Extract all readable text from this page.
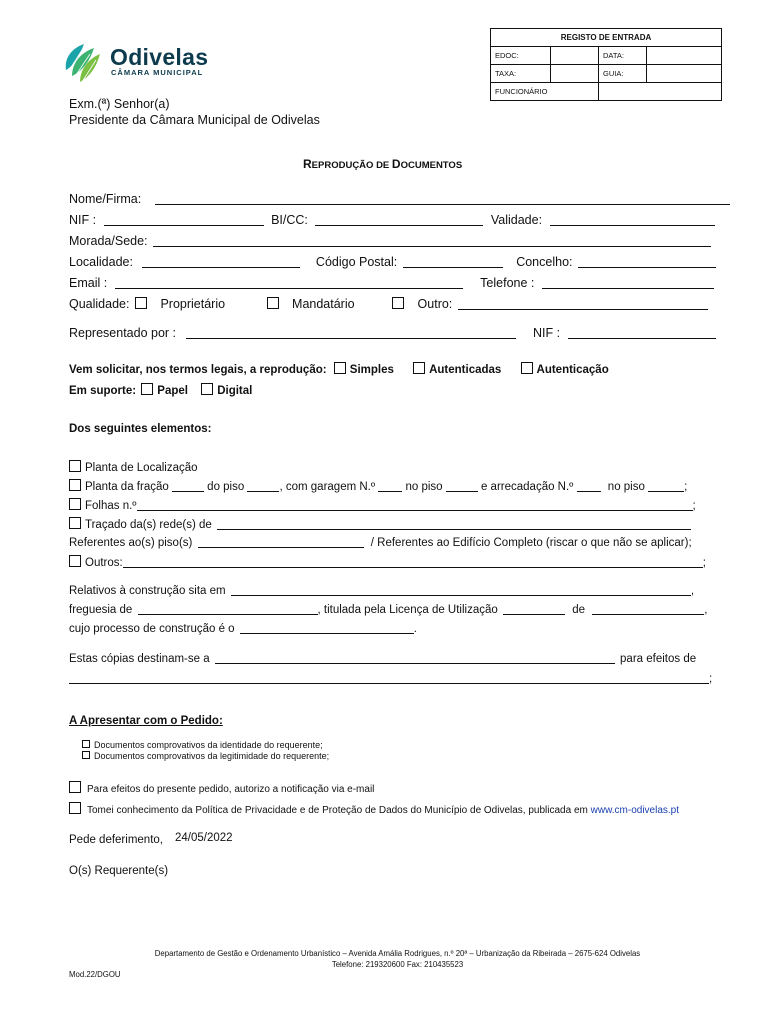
Odivelas
CÂMARA MUNICIPAL
REGISTO DE ENTRADA			
EDOC:		DATA:	
TAXA:		GUIA:	
FUNCIONÁRIO			
Exm.(ª) Senhor(a)
Presidente da Câmara Municipal de Odivelas
REPRODUÇÃO DE DOCUMENTOS
Nome/Firma:
NIF :	BI/CC:	Validade:
Morada/Sede:
Localidade:	Código Postal:	Concelho:
Email :	Telefone :
Qualidade: Proprietário	Mandatário	Outro:
Representado por :	NIF :
Vem solicitar, nos termos legais, a reprodução: Simples	Autenticadas	Autenticação
Em suporte: Papel	Digital
Dos seguintes elementos:
Planta de Localização
Planta da fração	do piso	, com garagem N.º	no piso	e arrecadação N.º	no piso	;
Folhas n.º	;
Traçado da(s) rede(s) de
Referentes ao(s) piso(s)	/ Referentes ao Edifício Completo (riscar o que não se aplicar);
Outros:	;
Relativos à construção sita em	,
freguesia de	, titulada pela Licença de Utilização	de	,
cujo processo de construção é o	.
Estas cópias destinam-se a	para efeitos de
;
A Apresentar com o Pedido:
Documentos comprovativos da identidade do requerente;
Documentos comprovativos da legitimidade do requerente;
Para efeitos do presente pedido, autorizo a notificação via e-mail
Tomei conhecimento da Política de Privacidade e de Proteção de Dados do Município de Odivelas, publicada em www.cm-odivelas.pt
Pede deferimento, 24/05/2022
O(s) Requerente(s)
Departamento de Gestão e Ordenamento Urbanístico – Avenida Amália Rodrigues, n.º 20ª – Urbanização da Ribeirada – 2675-624 Odivelas
Telefone: 219320600 Fax: 210435523
Mod.22/DGOU
